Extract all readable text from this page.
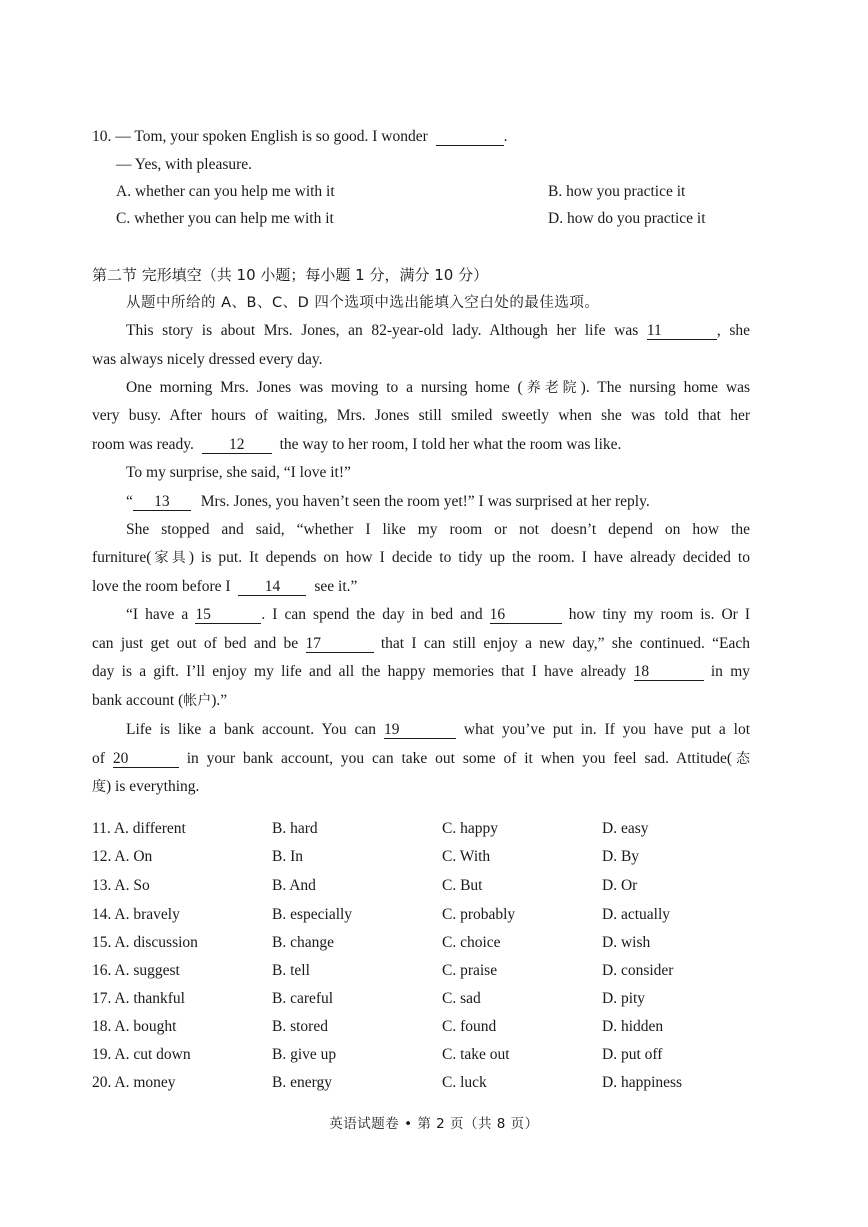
10. — Tom, your spoken English is so good. I wonder	.
— Yes, with pleasure.
A. whether can you help me with it	B. how you practice it
C. whether you can help me with it	D. how do you practice it
第二节 完形填空（共 10 小题；每小题 1 分，满分 10 分）
从题中所给的 A、B、C、D 四个选项中选出能填入空白处的最佳选项。
This story is about Mrs. Jones, an 82-year-old lady. Although her life was 11	, she
was always nicely dressed every day.
One morning Mrs. Jones was moving to a nursing home (养老院). The nursing home was
very busy. After hours of waiting, Mrs. Jones still smiled sweetly when she was told that her
room was ready. 12 the way to her room, I told her what the room was like.
To my surprise, she said, “I love it!”
“ 13 Mrs. Jones, you haven’t seen the room yet!” I was surprised at her reply.
She stopped and said, “whether I like my room or not doesn’t depend on how the
furniture(家具) is put. It depends on how I decide to tidy up the room. I have already decided to
love the room before I 14 see it.”
“I have a 15	. I can spend the day in bed and 16	how tiny my room is. Or I
can just get out of bed and be 17	that I can still enjoy a new day,” she continued. “Each
day is a gift. I’ll enjoy my life and all the happy memories that I have already 18	in my
bank account (帐户).”
Life is like a bank account. You can 19	what you’ve put in. If you have put a lot
of 20	in your bank account, you can take out some of it when you feel sad. Attitude(态
度) is everything.
11. A. different	B. hard	C. happy	D. easy
12. A. On	B. In	C. With	D. By
13. A. So	B. And	C. But	D. Or
14. A. bravely	B. especially	C. probably	D. actually
15. A. discussion	B. change	C. choice	D. wish
16. A. suggest	B. tell	C. praise	D. consider
17. A. thankful	B. careful	C. sad	D. pity
18. A. bought	B. stored	C. found	D. hidden
19. A. cut down	B. give up	C. take out	D. put off
20. A. money	B. energy	C. luck	D. happiness
英语试题卷 • 第 2 页（共 8 页）
